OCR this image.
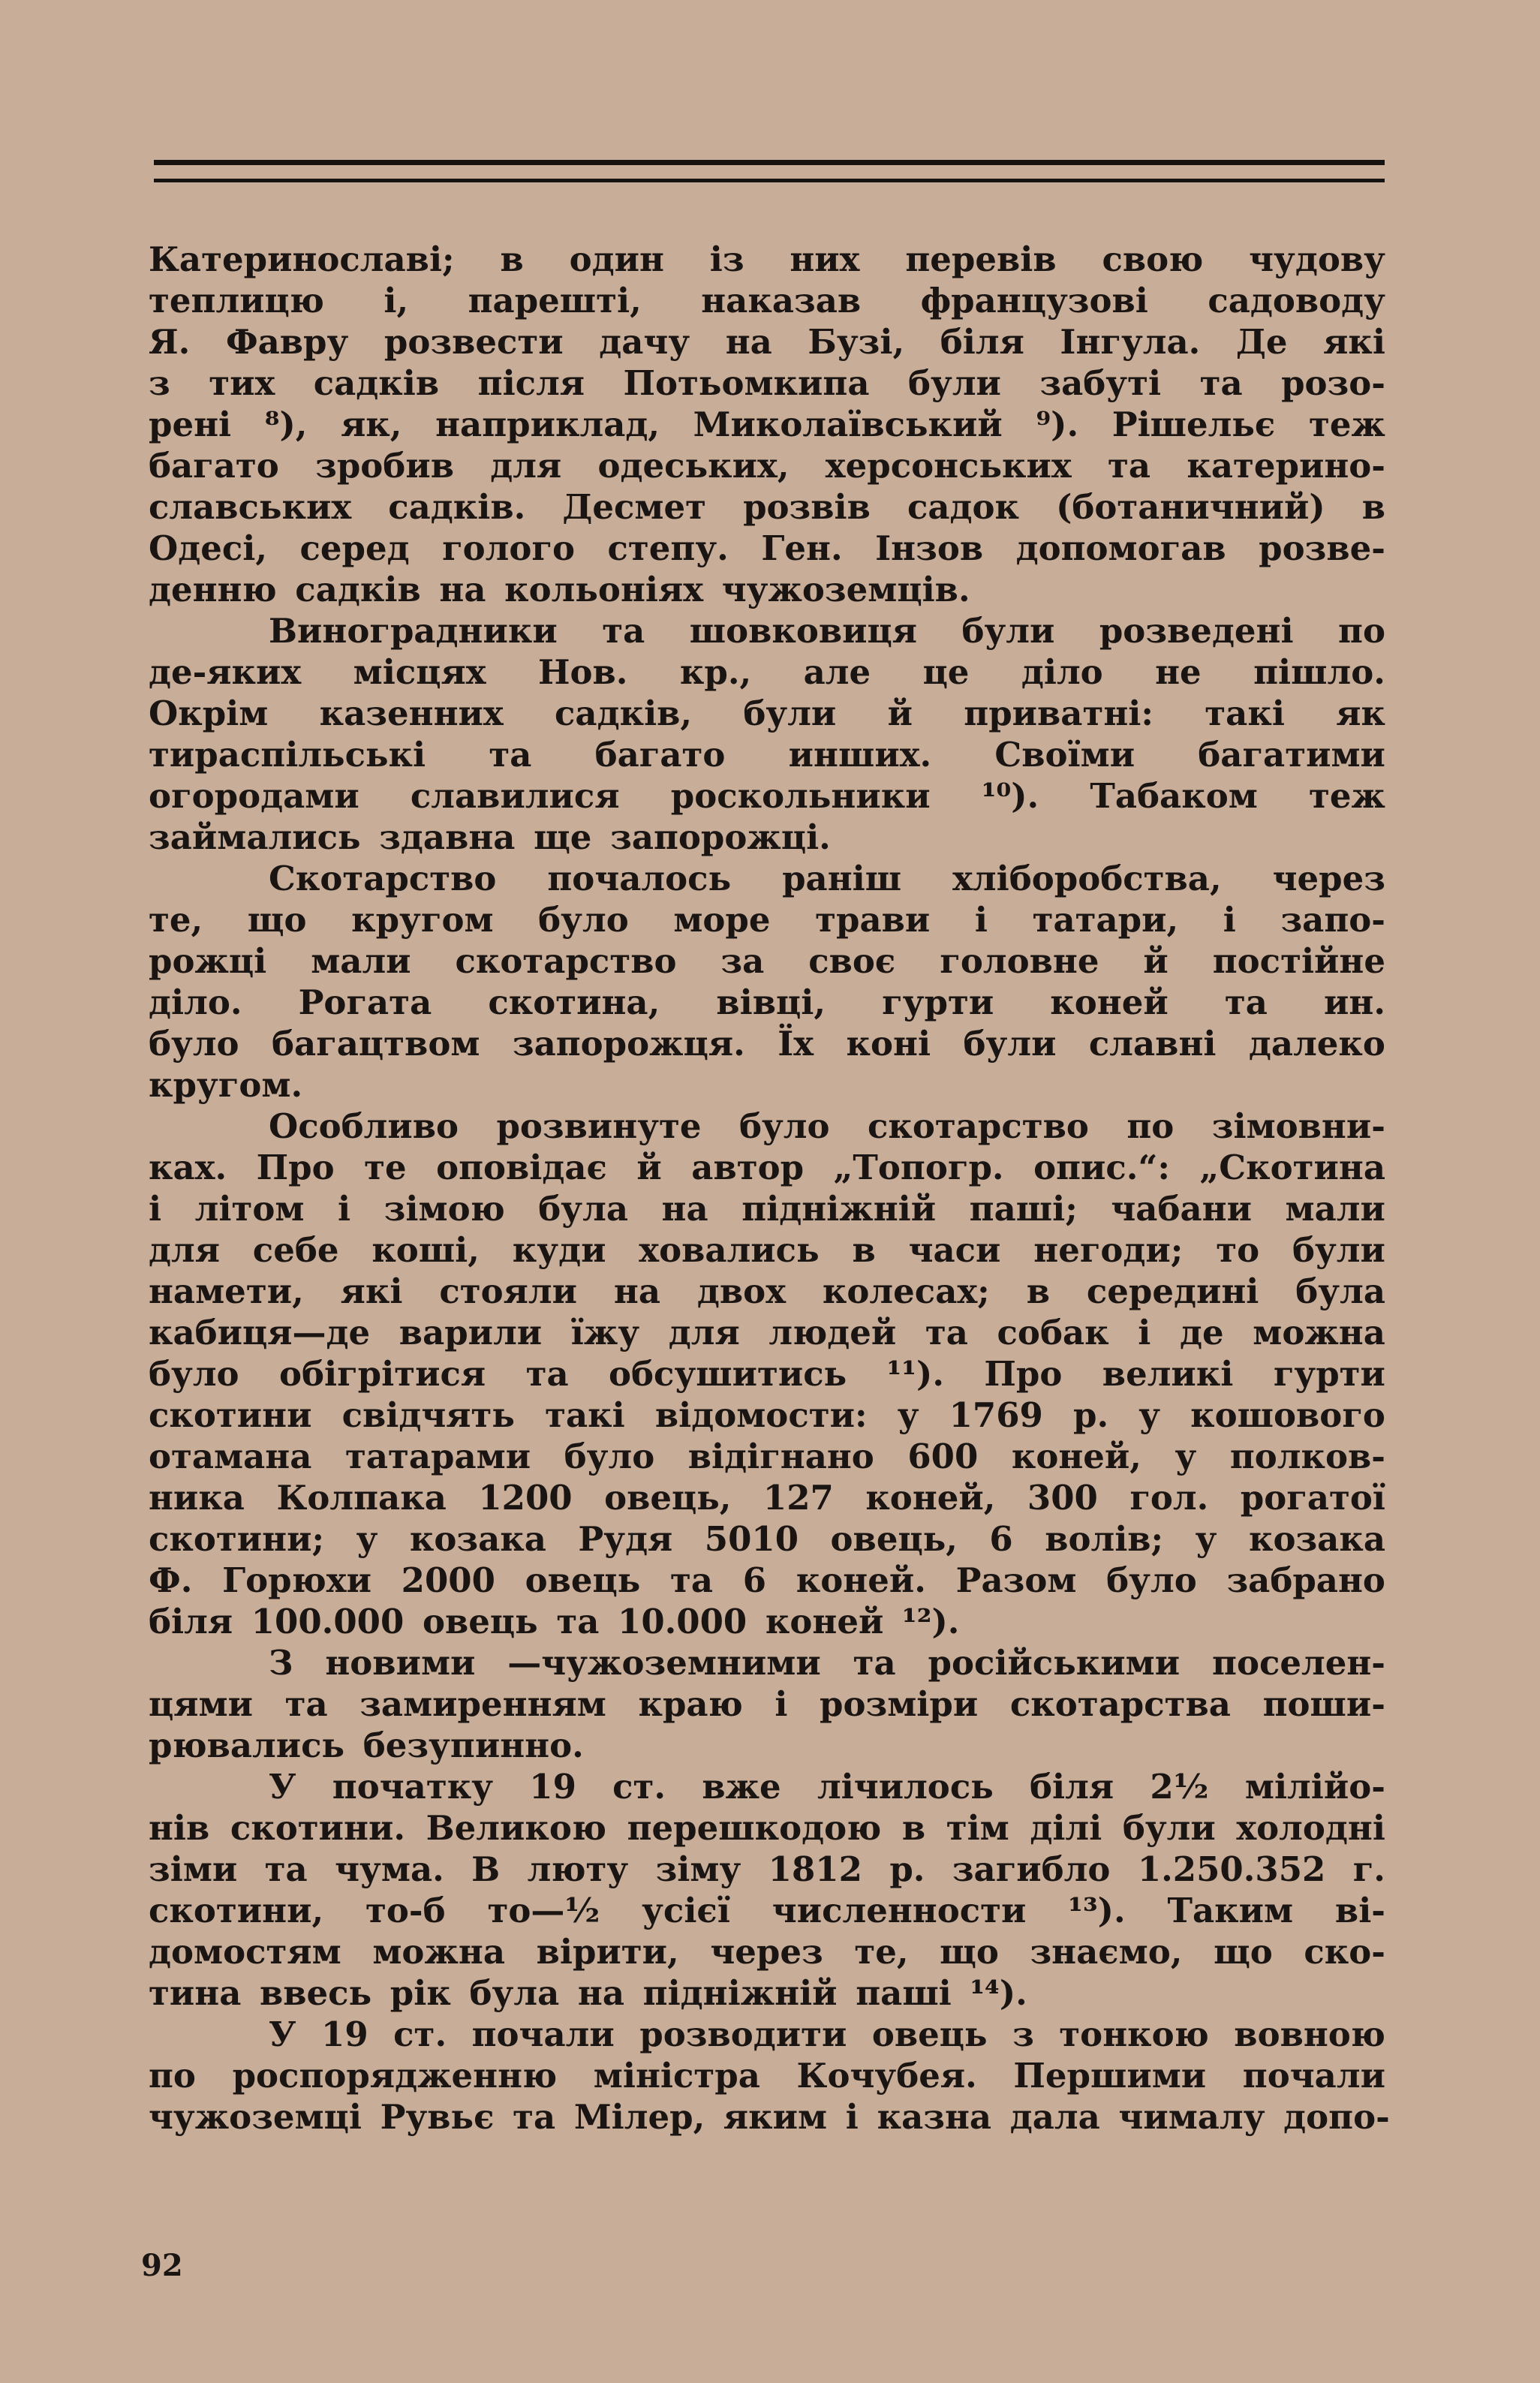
Катеринославі; в один із них перевів свою чудову
теплицю і, парешті, наказав французові садоводу
Я. Фавру розвести дачу на Бузі, біля Інгула. Де які
з тих садків після Потьомкипа були забуті та розо-
рені ⁸), як, наприклад, Миколаївський ⁹). Рішельє теж
багато зробив для одеських, херсонських та катерино-
славських садків. Десмет розвів садок (ботаничний) в
Одесі, серед голого степу. Ген. Інзов допомогав розве-
денню садків на кольоніях чужоземців.

Виноградники та шовковиця були розведені по
де-яких місцях Нов. кр., але це діло не пішло.
Окрім казенних садків, були й приватні: такі як
тираспільські та багато инших. Своїми багатими
огородами славилися роскольники ¹⁰). Табаком теж
займались здавна ще запорожці.

Скотарство почалось раніш хліборобства, через
те, що кругом було море трави і татари, і запо-
рожці мали скотарство за своє головне й постійне
діло. Рогата скотина, вівці, гурти коней та ин.
було багацтвом запорожця. Їх коні були славні далеко
кругом.

Особливо розвинуте було скотарство по зімовни-
ках. Про те оповідає й автор „Топогр. опис.“: „Скотина
і літом і зімою була на підніжній паші; чабани мали
для себе коші, куди ховались в часи негоди; то були
намети, які стояли на двох колесах; в середині була
кабиця—де варили їжу для людей та собак і де можна
було обігрітися та обсушитись ¹¹). Про великі гурти
скотини свідчять такі відомости: у 1769 р. у кошового
отамана татарами було відігнано 600 коней, у полков-
ника Колпака 1200 овець, 127 коней, 300 гол. рогатої
скотини; у козака Рудя 5010 овець, 6 волів; у козака
Ф. Горюхи 2000 овець та 6 коней. Разом було забрано
біля 100.000 овець та 10.000 коней ¹²).

З новими —чужоземними та російськими поселен-
цями та замиренням краю і розміри скотарства поши-
рювались безупинно.

У початку 19 ст. вже лічилось біля 2½ мілійо-
нів скотини. Великою перешкодою в тім ділі були холодні
зіми та чума. В люту зіму 1812 р. загибло 1.250.352 г.
скотини, то-б то—½ усієї численности ¹³). Таким ві-
домостям можна вірити, через те, що знаємо, що ско-
тина ввесь рік була на підніжній паші ¹⁴).

У 19 ст. почали розводити овець з тонкою вовною
по роспорядженню міністра Кочубея. Першими почали
чужоземці Рувьє та Мілер, яким і казна дала чималу допо-

92
